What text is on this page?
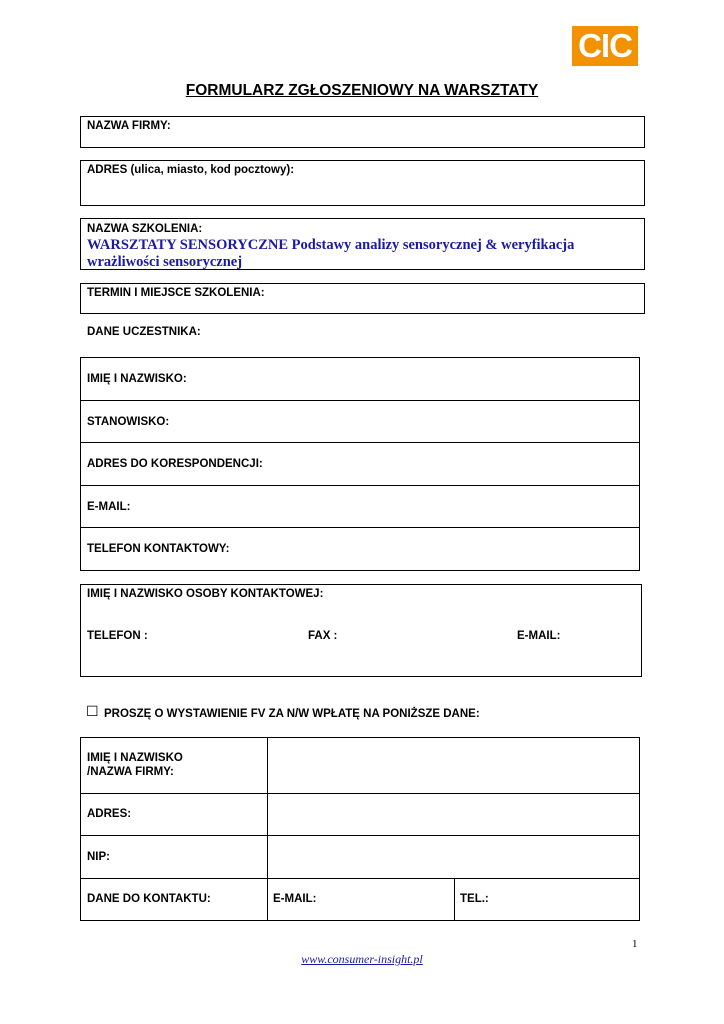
CIC
FORMULARZ ZGŁOSZENIOWY NA WARSZTATY
NAZWA FIRMY:
ADRES (ulica, miasto, kod pocztowy):
NAZWA SZKOLENIA:
WARSZTATY SENSORYCZNE Podstawy analizy sensorycznej & weryfikacja
wrażliwości sensorycznej
TERMIN I MIEJSCE SZKOLENIA:
DANE UCZESTNIKA:
IMIĘ I NAZWISKO:
STANOWISKO:
ADRES DO KORESPONDENCJI:
E-MAIL:
TELEFON KONTAKTOWY:
IMIĘ I NAZWISKO OSOBY KONTAKTOWEJ:
TELEFON :	FAX :	E-MAIL:
☐ PROSZĘ O WYSTAWIENIE FV ZA N/W WPŁATĘ NA PONIŻSZE DANE:
IMIĘ I NAZWISKO
/NAZWA FIRMY:
ADRES:
NIP:
DANE DO KONTAKTU:	E-MAIL:	TEL.:
1
www.consumer-insight.pl
